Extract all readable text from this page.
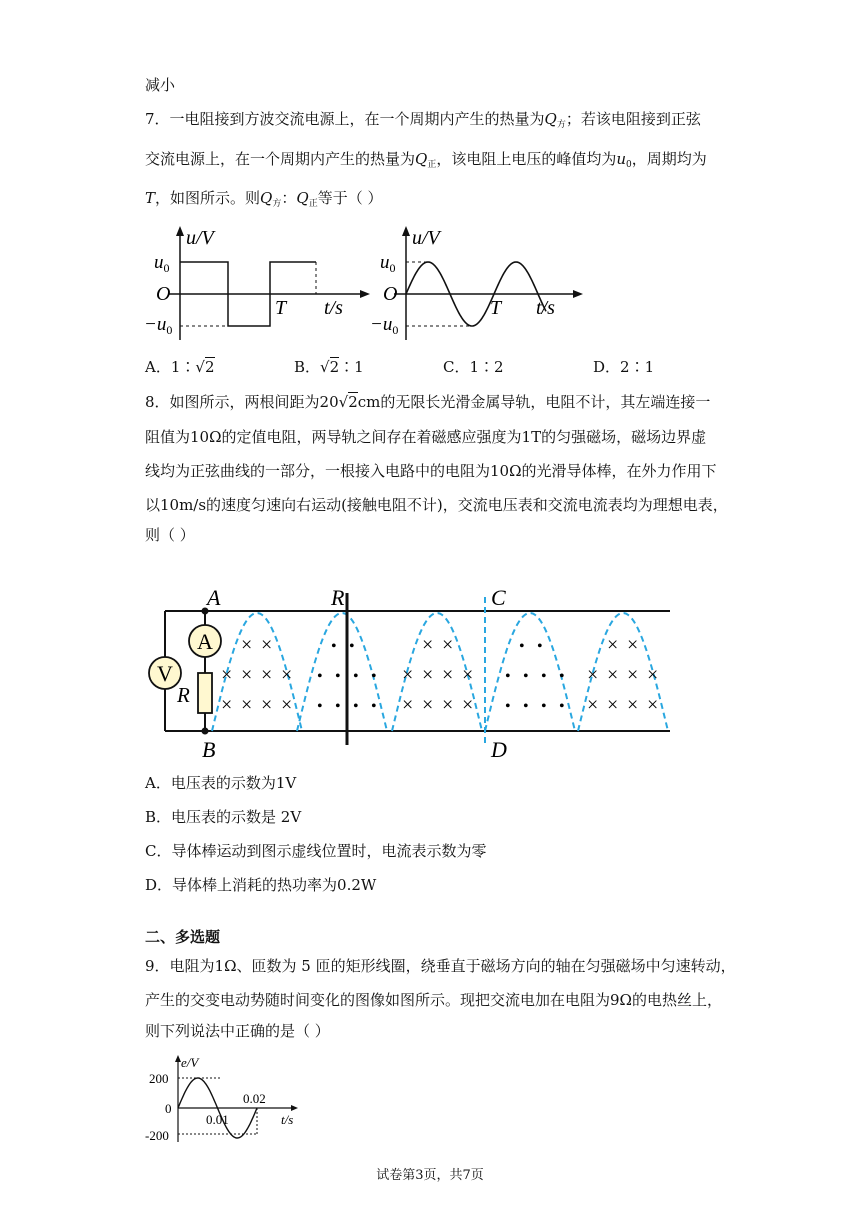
减小
7．一电阻接到方波交流电源上，在一个周期内产生的热量为$Q_方$；若该电阻接到正弦
交流电源上，在一个周期内产生的热量为$Q_正$，该电阻上电压的峰值均为$u_0$，周期均为
T，如图所示。则$Q_方$：$Q_正$等于（ ）
u/V
$u_0$
O
$-u_0$
T t/s
u/V
$u_0$
O
$-u_0$
T t/s
A．1∶√2	B．√2∶1	C．1∶2	D．2∶1
8．如图所示，两根间距为20√2cm的无限长光滑金属导轨，电阻不计，其左端连接一
阻值为10Ω的定值电阻，两导轨之间存在着磁感应强度为1T的匀强磁场，磁场边界虚
线均为正弦曲线的一部分，一根接入电路中的电阻为10Ω的光滑导体棒，在外力作用下
以10m/s的速度匀速向右运动(接触电阻不计)，交流电压表和交流电流表均为理想电表，
则（ ）
V
A
R
× ×
× × × ×
× × × ×
• •
• • • •
• • • •
× ×
× × × ×
× × × ×
• •
• • • •
• • • •
× ×
× × × ×
× × × ×
A
B
C
D
R
A．电压表的示数为1V
B．电压表的示数是 2V
C．导体棒运动到图示虚线位置时，电流表示数为零
D．导体棒上消耗的热功率为0.2W
二、多选题
9．电阻为1Ω、匝数为 5 匝的矩形线圈，绕垂直于磁场方向的轴在匀强磁场中匀速转动，
产生的交变电动势随时间变化的图像如图所示。现把交流电加在电阻为9Ω的电热丝上，
则下列说法中正确的是（ ）
e/V
200
0
-200
0.01
0.02
t/s
试卷第3页，共7页
